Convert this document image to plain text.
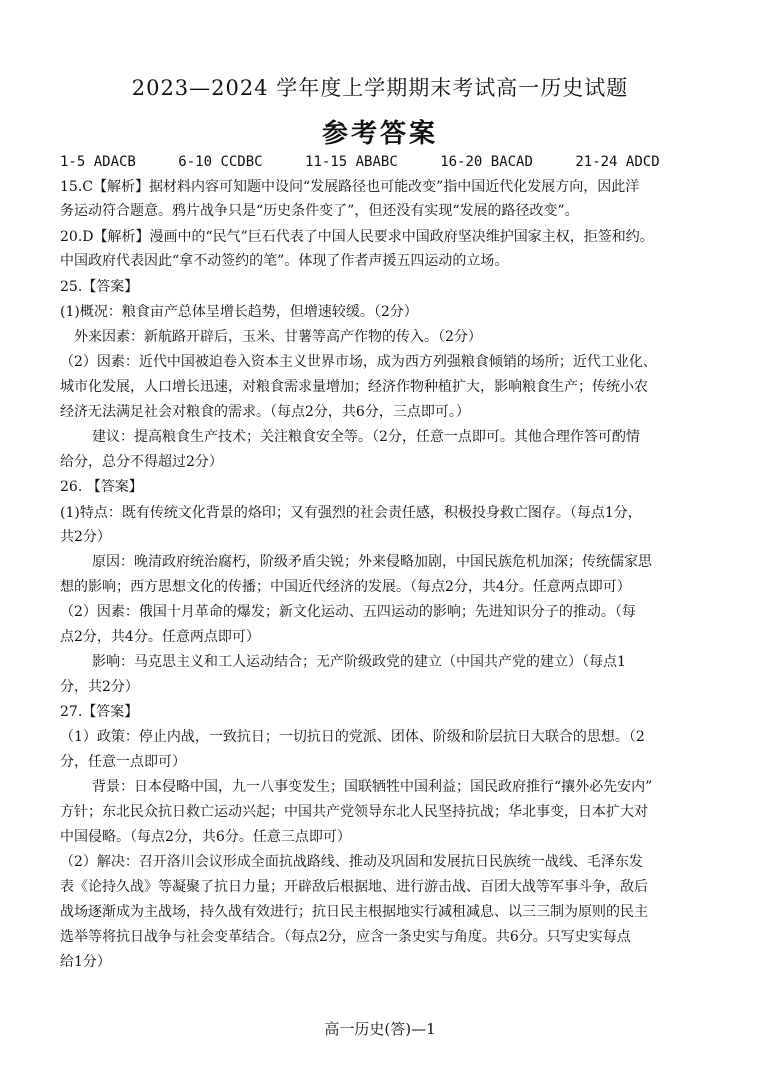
2023—2024 学年度上学期期末考试高一历史试题
参考答案
1-5 ADACB	6-10 CCDBC	11-15 ABABC	16-20 BACAD	21-24 ADCD
15.C【解析】据材料内容可知题中设问“发展路径也可能改变”指中国近代化发展方向，因此洋
务运动符合题意。鸦片战争只是“历史条件变了”，但还没有实现“发展的路径改变”。
20.D【解析】漫画中的“民气”巨石代表了中国人民要求中国政府坚决维护国家主权，拒签和约。
中国政府代表因此“拿不动签约的笔”。体现了作者声援五四运动的立场。
25.【答案】
(1)概况：粮食亩产总体呈增长趋势，但增速较缓。（2分）
外来因素：新航路开辟后，玉米、甘薯等高产作物的传入。（2分）
（2）因素：近代中国被迫卷入资本主义世界市场，成为西方列强粮食倾销的场所；近代工业化、
城市化发展，人口增长迅速，对粮食需求量增加；经济作物种植扩大，影响粮食生产；传统小农
经济无法满足社会对粮食的需求。（每点2分，共6分，三点即可。）
建议：提高粮食生产技术；关注粮食安全等。（2分，任意一点即可。其他合理作答可酌情
给分，总分不得超过2分）
26. 【答案】
(1)特点：既有传统文化背景的烙印；又有强烈的社会责任感，积极投身救亡图存。（每点1分，
共2分）
原因：晚清政府统治腐朽，阶级矛盾尖锐；外来侵略加剧，中国民族危机加深；传统儒家思
想的影响；西方思想文化的传播；中国近代经济的发展。（每点2分，共4分。任意两点即可）
（2）因素：俄国十月革命的爆发；新文化运动、五四运动的影响；先进知识分子的推动。（每
点2分，共4分。任意两点即可）
影响：马克思主义和工人运动结合；无产阶级政党的建立（中国共产党的建立）（每点1
分，共2分）
27.【答案】
（1）政策：停止内战，一致抗日；一切抗日的党派、团体、阶级和阶层抗日大联合的思想。（2
分，任意一点即可）
背景：日本侵略中国，九一八事变发生；国联牺牲中国利益；国民政府推行“攘外必先安内”
方针；东北民众抗日救亡运动兴起；中国共产党领导东北人民坚持抗战；华北事变，日本扩大对
中国侵略。（每点2分，共6分。任意三点即可）
（2）解决：召开洛川会议形成全面抗战路线、推动及巩固和发展抗日民族统一战线、毛泽东发
表《论持久战》等凝聚了抗日力量；开辟敌后根据地、进行游击战、百团大战等军事斗争，敌后
战场逐渐成为主战场，持久战有效进行；抗日民主根据地实行减租减息、以三三制为原则的民主
选举等将抗日战争与社会变革结合。（每点2分，应含一条史实与角度。共6分。只写史实每点
给1分）
高一历史(答)—1
